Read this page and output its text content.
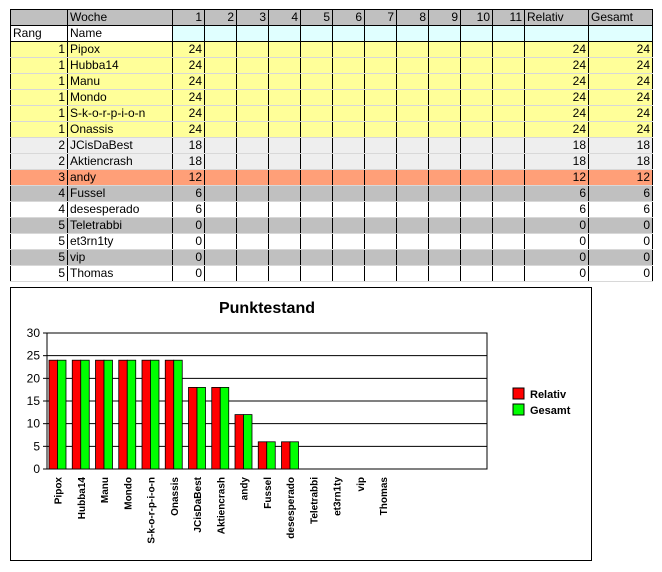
	Woche	1	2	3	4	5	6	7	8	9	10	11	Relativ	Gesamt
Rang	Name													
1	Pipox	24											24	24
1	Hubba14	24											24	24
1	Manu	24											24	24
1	Mondo	24											24	24
1	S-k-o-r-p-i-o-n	24											24	24
1	Onassis	24											24	24
2	JCisDaBest	18											18	18
2	Aktiencrash	18											18	18
3	andy	12											12	12
4	Fussel	6											6	6
4	desesperado	6											6	6
5	Teletrabbi	0											0	0
5	et3rn1ty	0											0	0
5	vip	0											0	0
5	Thomas	0											0	0
Punktestand
0
5
10
15
20
25
30
Pipox Hubba14 Manu Mondo S-k-o-r-p-i-o-n Onassis JCisDaBest Aktiencrash andy Fussel desesperado Teletrabbi et3rn1ty vip Thomas
Relativ
Gesamt
